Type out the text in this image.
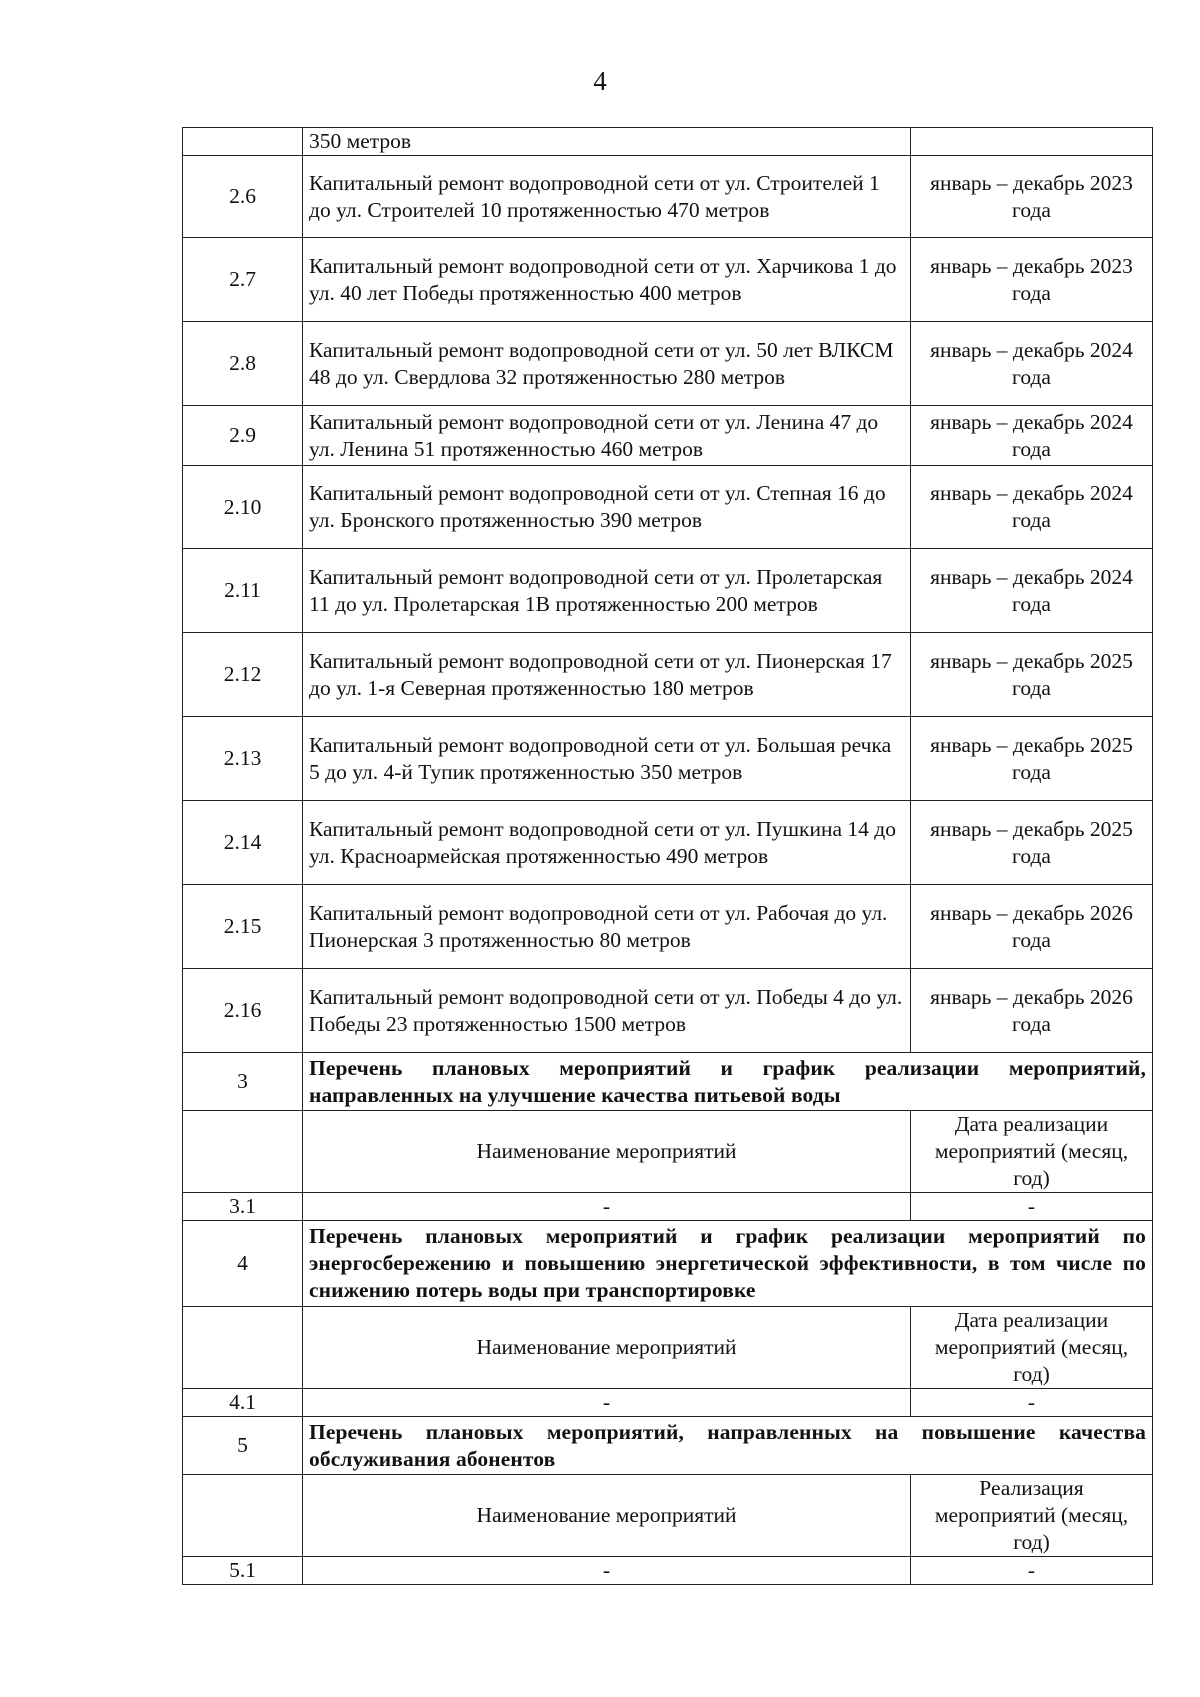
4
	350 метров	
2.6	Капитальный ремонт водопроводной сети от ул. Строителей 1 до ул. Строителей 10 протяженностью 470 метров	январь – декабрь 2023 года
2.7	Капитальный ремонт водопроводной сети от ул. Харчикова 1 до ул. 40 лет Победы протяженностью 400 метров	январь – декабрь 2023 года
2.8	Капитальный ремонт водопроводной сети от ул. 50 лет ВЛКСМ 48 до ул. Свердлова 32 протяженностью 280 метров	январь – декабрь 2024 года
2.9	Капитальный ремонт водопроводной сети от ул. Ленина 47 до ул. Ленина 51 протяженностью 460 метров	январь – декабрь 2024 года
2.10	Капитальный ремонт водопроводной сети от ул. Степная 16 до ул. Бронского протяженностью 390 метров	январь – декабрь 2024 года
2.11	Капитальный ремонт водопроводной сети от ул. Пролетарская 11 до ул. Пролетарская 1В протяженностью 200 метров	январь – декабрь 2024 года
2.12	Капитальный ремонт водопроводной сети от ул. Пионерская 17 до ул. 1-я Северная протяженностью 180 метров	январь – декабрь 2025 года
2.13	Капитальный ремонт водопроводной сети от ул. Большая речка 5 до ул. 4-й Тупик протяженностью 350 метров	январь – декабрь 2025 года
2.14	Капитальный ремонт водопроводной сети от ул. Пушкина 14 до ул. Красноармейская протяженностью 490 метров	январь – декабрь 2025 года
2.15	Капитальный ремонт водопроводной сети от ул. Рабочая до ул. Пионерская 3 протяженностью 80 метров	январь – декабрь 2026 года
2.16	Капитальный ремонт водопроводной сети от ул. Победы 4 до ул. Победы 23 протяженностью 1500 метров	январь – декабрь 2026 года
3	Перечень плановых мероприятий и график реализации мероприятий, направленных на улучшение качества питьевой воды	
	Наименование мероприятий	Дата реализации мероприятий (месяц, год)
3.1	-	-
4	Перечень плановых мероприятий и график реализации мероприятий по энергосбережению и повышению энергетической эффективности, в том числе по снижению потерь воды при транспортировке	
	Наименование мероприятий	Дата реализации мероприятий (месяц, год)
4.1	-	-
5	Перечень плановых мероприятий, направленных на повышение качества обслуживания абонентов	
	Наименование мероприятий	Реализация мероприятий (месяц, год)
5.1	-	-
